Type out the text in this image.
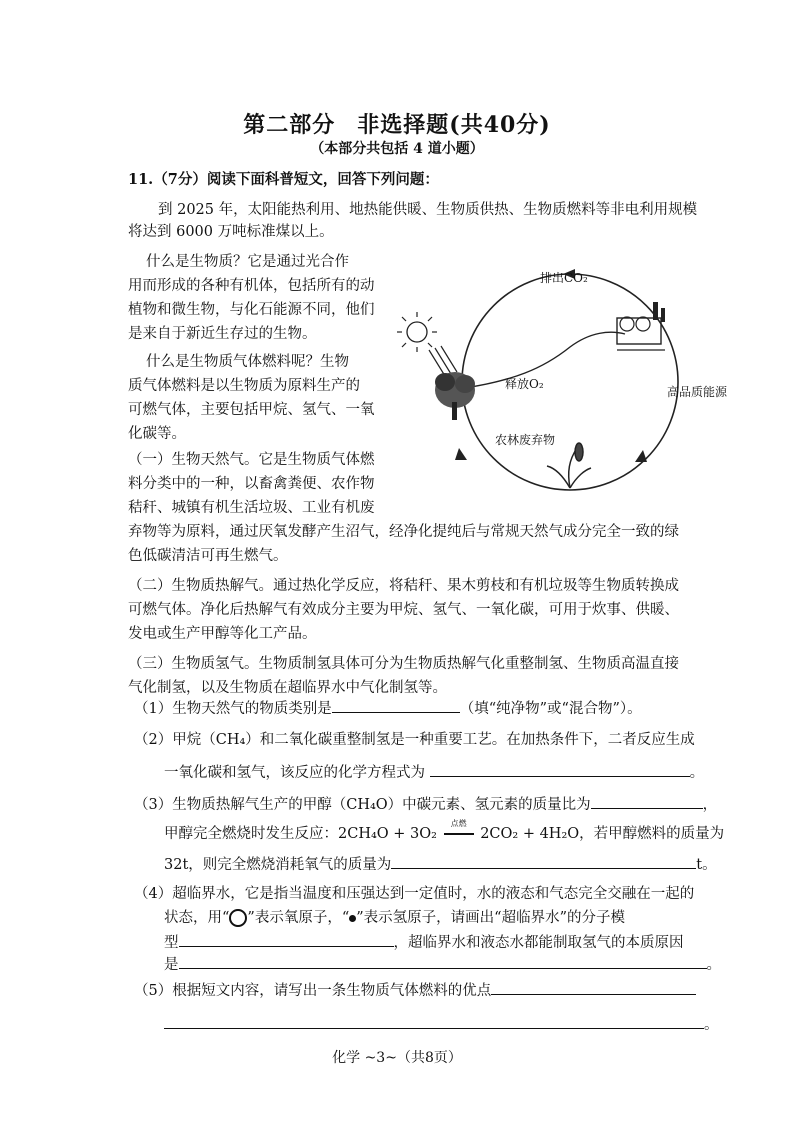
第二部分 非选择题(共40分)
（本部分共包括 4 道小题）
11.（7分）阅读下面科普短文，回答下列问题：
到 2025 年，太阳能热利用、地热能供暖、生物质供热、生物质燃料等非电利用规模
将达到 6000 万吨标准煤以上。
什么是生物质？它是通过光合作
用而形成的各种有机体，包括所有的动
植物和微生物，与化石能源不同，他们
是来自于新近生存过的生物。
什么是生物质气体燃料呢？生物
质气体燃料是以生物质为原料生产的
可燃气体，主要包括甲烷、氢气、一氧
化碳等。
（一）生物天然气。它是生物质气体燃
料分类中的一种，以畜禽粪便、农作物
秸秆、城镇有机生活垃圾、工业有机废
弃物等为原料，通过厌氧发酵产生沼气，经净化提纯后与常规天然气成分完全一致的绿
色低碳清洁可再生燃气。
（二）生物质热解气。通过热化学反应，将秸秆、果木剪枝和有机垃圾等生物质转换成
可燃气体。净化后热解气有效成分主要为甲烷、氢气、一氧化碳，可用于炊事、供暖、
发电或生产甲醇等化工产品。
（三）生物质氢气。生物质制氢具体可分为生物质热解气化重整制氢、生物质高温直接
气化制氢，以及生物质在超临界水中气化制氢等。
排出CO₂
释放O₂
高品质能源
农林废弃物
（1）生物天然气的物质类别是	（填“纯净物”或“混合物”）。
（2）甲烷（CH₄）和二氧化碳重整制氢是一种重要工艺。在加热条件下，二者反应生成
一氧化碳和氢气，该反应的化学方程式为	。
（3）生物质热解气生产的甲醇（CH₄O）中碳元素、氢元素的质量比为	，
甲醇完全燃烧时发生反应：2CH₄O + 3O₂
点燃
2CO₂ + 4H₂O，若甲醇燃料的质量为
32t，则完全燃烧消耗氧气的质量为	t。
（4）超临界水，它是指当温度和压强达到一定值时，水的液态和气态完全交融在一起的
状态，用“ ”表示氧原子，“ ”表示氢原子，请画出“超临界水”的分子模
型	，超临界水和液态水都能制取氢气的本质原因
是	。
（5）根据短文内容，请写出一条生物质气体燃料的优点
。
化学 ~3~（共8页）
